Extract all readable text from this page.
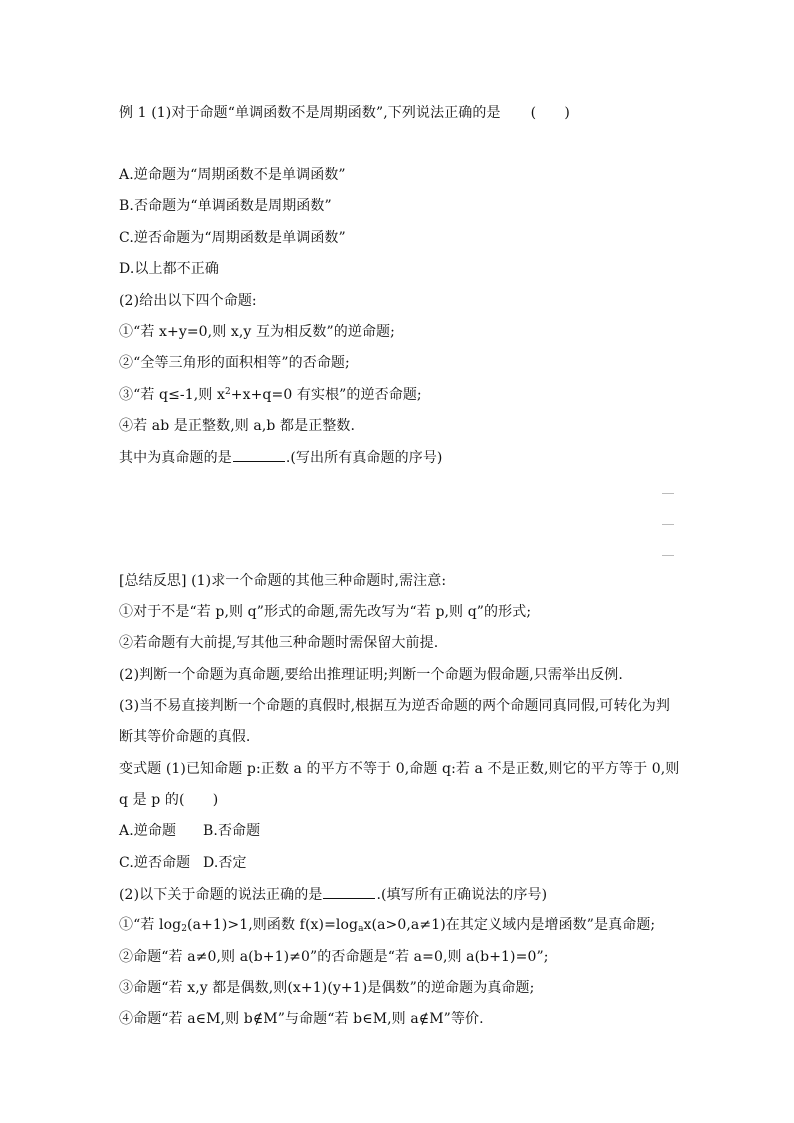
例 1 (1)对于命题“单调函数不是周期函数”,下列说法正确的是 (　　)
A.逆命题为“周期函数不是单调函数”
B.否命题为“单调函数是周期函数”
C.逆否命题为“周期函数是单调函数”
D.以上都不正确
(2)给出以下四个命题:
①“若 x+y=0,则 x,y 互为相反数”的逆命题;
②“全等三角形的面积相等”的否命题;
③“若 q≤-1,则 $x^2+x+q=0$ 有实根”的逆否命题;
④若 ab 是正整数,则 a,b 都是正整数.
其中为真命题的是	.(写出所有真命题的序号)
[总结反思] (1)求一个命题的其他三种命题时,需注意:
①对于不是“若 p,则 q”形式的命题,需先改写为“若 p,则 q”的形式;
②若命题有大前提,写其他三种命题时需保留大前提.
(2)判断一个命题为真命题,要给出推理证明;判断一个命题为假命题,只需举出反例.
(3)当不易直接判断一个命题的真假时,根据互为逆否命题的两个命题同真同假,可转化为判
断其等价命题的真假.
变式题 (1)已知命题 p:正数 a 的平方不等于 0,命题 q:若 a 不是正数,则它的平方等于 0,则
q 是 p 的(　　)
A.逆命题 B.否命题
C.逆否命题 D.否定
(2)以下关于命题的说法正确的是	.(填写所有正确说法的序号)
①“若 $\log_2(a+1)>1$,则函数 $f(x)=\log_ax(a>0,a\ne 1)$在其定义域内是增函数”是真命题;
②命题“若 a≠0,则 a(b+1)≠0”的否命题是“若 a=0,则 a(b+1)=0”;
③命题“若 x,y 都是偶数,则(x+1)(y+1)是偶数”的逆命题为真命题;
④命题“若 a∈M,则 b∉M”与命题“若 b∈M,则 a∉M”等价.
